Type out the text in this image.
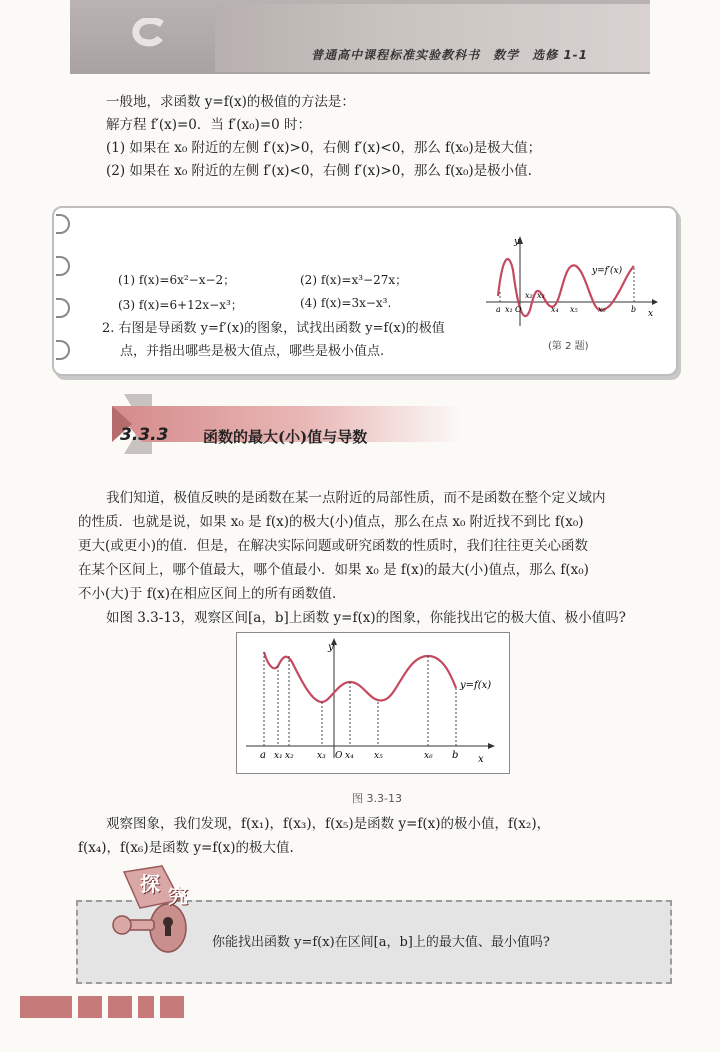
普通高中课程标准实验教科书　数学　选修 1-1
一般地，求函数 y=f(x)的极值的方法是：
解方程 f′(x)=0．当 f′(x₀)=0 时：
(1) 如果在 x₀ 附近的左侧 f′(x)>0，右侧 f′(x)<0，那么 f(x₀)是极大值；
(2) 如果在 x₀ 附近的左侧 f′(x)<0，右侧 f′(x)>0，那么 f(x₀)是极小值.
(1) f(x)=6x²−x−2；	(2) f(x)=x³−27x；
(3) f(x)=6+12x−x³；	(4) f(x)=3x−x³.
2. 右图是导函数 y=f′(x)的图象，试找出函数 y=f(x)的极值
点，并指出哪些是极大值点，哪些是极小值点.
y
x
y=f′(x)
a x₁ O
x₂ x₃
x₄ x₅	x₆	b
(第 2 题)
3.3.3 函数的最大(小)值与导数
我们知道，极值反映的是函数在某一点附近的局部性质，而不是函数在整个定义域内
的性质．也就是说，如果 x₀ 是 f(x)的极大(小)值点，那么在点 x₀ 附近找不到比 f(x₀)
更大(或更小)的值．但是，在解决实际问题或研究函数的性质时，我们往往更关心函数
在某个区间上，哪个值最大，哪个值最小．如果 x₀ 是 f(x)的最大(小)值点，那么 f(x₀)
不小(大)于 f(x)在相应区间上的所有函数值.
如图 3.3-13，观察区间[a，b]上函数 y=f(x)的图象，你能找出它的极大值、极小值吗?
y
x
y=f(x)
a x₁ x₂	x₃ O x₄ x₅	x₆ b
图 3.3-13
观察图象，我们发现，f(x₁)，f(x₃)，f(x₅)是函数 y=f(x)的极小值，f(x₂)，
f(x₄)，f(x₆)是函数 y=f(x)的极大值.
探 究
你能找出函数 y=f(x)在区间[a，b]上的最大值、最小值吗?
